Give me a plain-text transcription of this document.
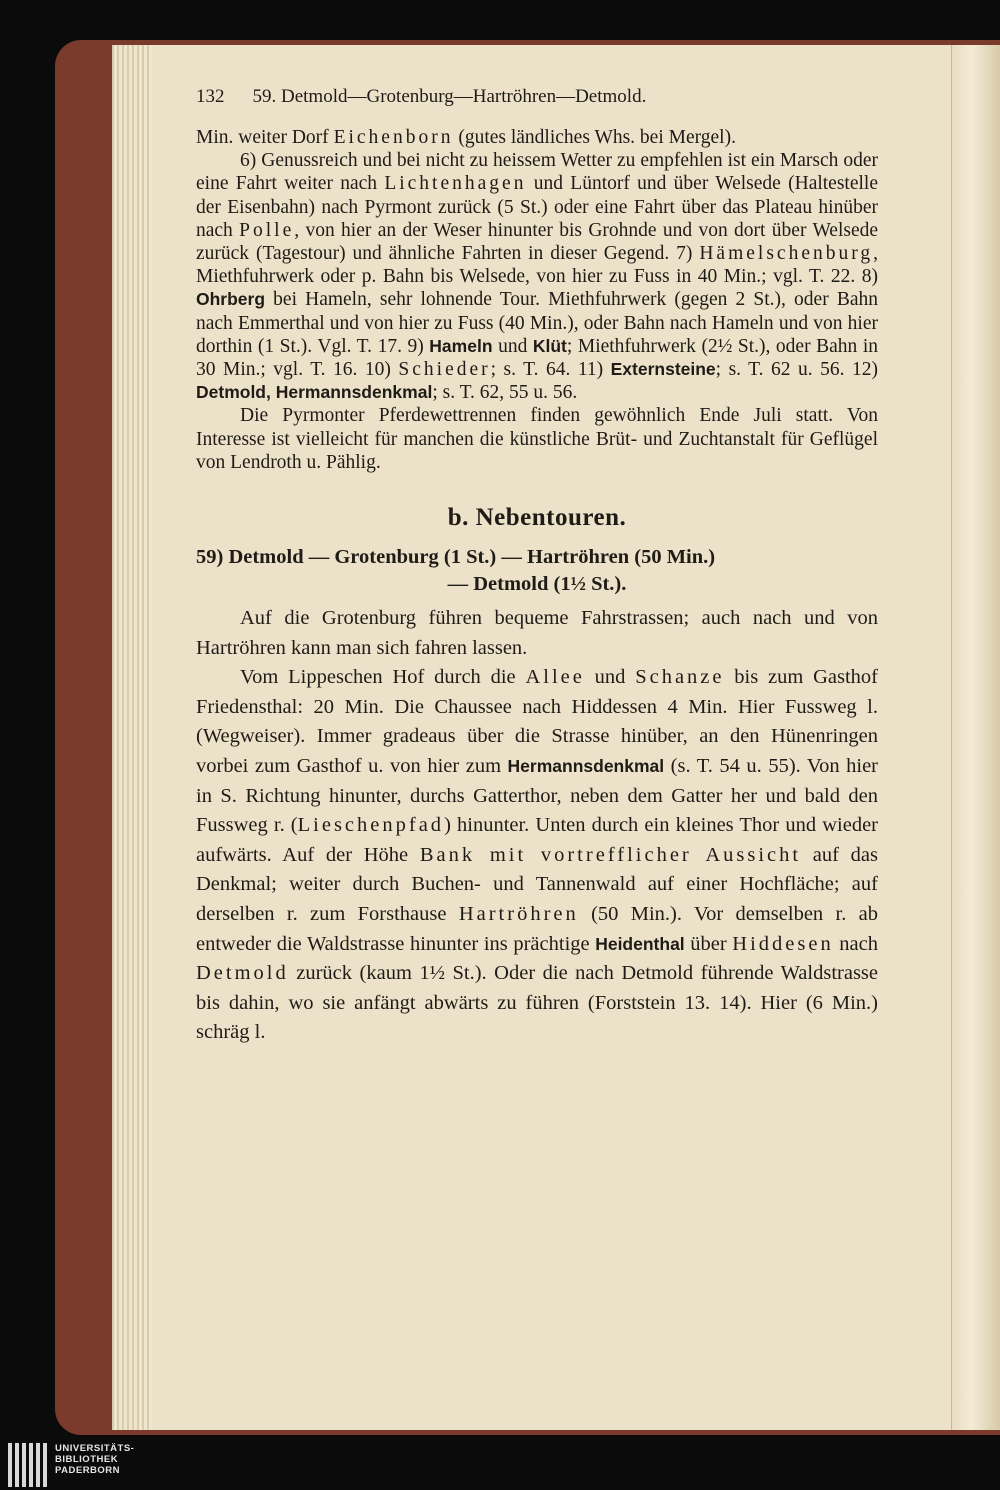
132 59. Detmold—Grotenburg—Hartröhren—Detmold.

Min. weiter Dorf Eichenborn (gutes ländliches Whs. bei Mergel).

6) Genussreich und bei nicht zu heissem Wetter zu empfehlen ist ein Marsch oder eine Fahrt weiter nach Lichtenhagen und Lüntorf und über Welsede (Haltestelle der Eisenbahn) nach Pyrmont zurück (5 St.) oder eine Fahrt über das Plateau hinüber nach Polle, von hier an der Weser hinunter bis Grohnde und von dort über Welsede zurück (Tagestour) und ähnliche Fahrten in dieser Gegend. 7) Hämelschenburg, Miethfuhrwerk oder p. Bahn bis Welsede, von hier zu Fuss in 40 Min.; vgl. T. 22. 8) Ohrberg bei Hameln, sehr lohnende Tour. Miethfuhrwerk (gegen 2 St.), oder Bahn nach Emmerthal und von hier zu Fuss (40 Min.), oder Bahn nach Hameln und von hier dorthin (1 St.). Vgl. T. 17. 9) Hameln und Klüt; Miethfuhrwerk (2½ St.), oder Bahn in 30 Min.; vgl. T. 16. 10) Schieder; s. T. 64. 11) Externsteine; s. T. 62 u. 56. 12) Detmold, Hermannsdenkmal; s. T. 62, 55 u. 56.

Die Pyrmonter Pferdewettrennen finden gewöhnlich Ende Juli statt. Von Interesse ist vielleicht für manchen die künstliche Brüt- und Zuchtanstalt für Geflügel von Lendroth u. Pählig.

b. Nebentouren.

59) Detmold — Grotenburg (1 St.) — Hartröhren (50 Min.)

— Detmold (1½ St.).

Auf die Grotenburg führen bequeme Fahrstrassen; auch nach und von Hartröhren kann man sich fahren lassen.

Vom Lippeschen Hof durch die Allee und Schanze bis zum Gasthof Friedensthal: 20 Min. Die Chaussee nach Hiddessen 4 Min. Hier Fussweg l. (Wegweiser). Immer gradeaus über die Strasse hinüber, an den Hünenringen vorbei zum Gasthof u. von hier zum Hermannsdenkmal (s. T. 54 u. 55). Von hier in S. Richtung hinunter, durchs Gatterthor, neben dem Gatter her und bald den Fussweg r. (Lieschenpfad) hinunter. Unten durch ein kleines Thor und wieder aufwärts. Auf der Höhe Bank mit vortrefflicher Aussicht auf das Denkmal; weiter durch Buchen- und Tannenwald auf einer Hochfläche; auf derselben r. zum Forsthause Hartröhren (50 Min.). Vor demselben r. ab entweder die Waldstrasse hinunter ins prächtige Heidenthal über Hiddesen nach Detmold zurück (kaum 1½ St.). Oder die nach Detmold führende Waldstrasse bis dahin, wo sie anfängt abwärts zu führen (Forststein 13. 14). Hier (6 Min.) schräg l.

UNIVERSITÄTS-
BIBLIOTHEK
PADERBORN
